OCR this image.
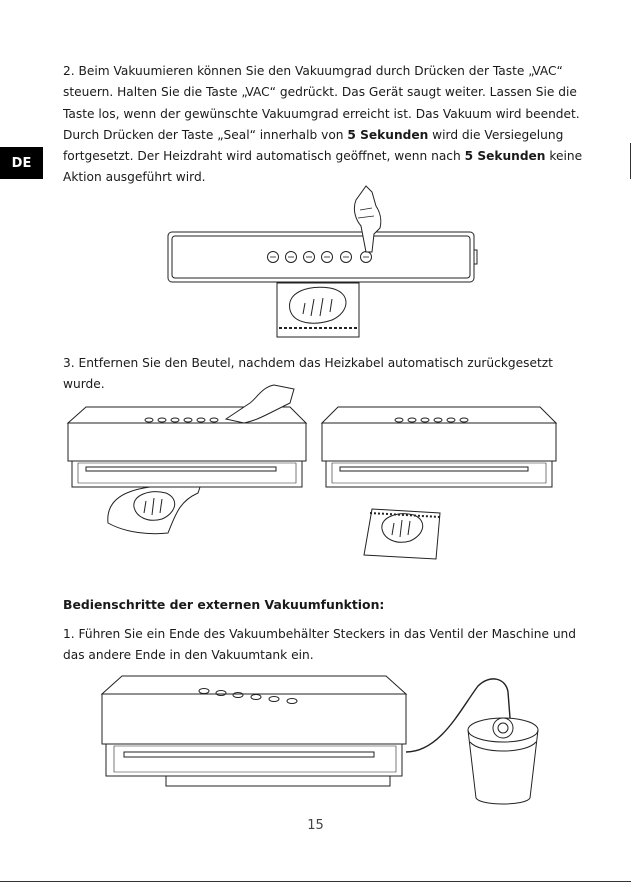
DE

2. Beim Vakuumieren können Sie den Vakuumgrad durch Drücken der Taste „VAC“ steuern. Halten Sie die Taste „VAC“ gedrückt. Das Gerät saugt weiter. Lassen Sie die Taste los, wenn der gewünschte Vakuumgrad erreicht ist. Das Vakuum wird beendet. Durch Drücken der Taste „Seal“ innerhalb von 5 Sekunden wird die Versiegelung fortgesetzt. Der Heizdraht wird automatisch geöffnet, wenn nach 5 Sekunden keine Aktion ausgeführt wird.

3. Entfernen Sie den Beutel, nachdem das Heizkabel automatisch zurückgesetzt wurde.

Bedienschritte der externen Vakuumfunktion:

1. Führen Sie ein Ende des Vakuumbehälter Steckers in das Ventil der Maschine und das andere Ende in den Vakuumtank ein.

15
